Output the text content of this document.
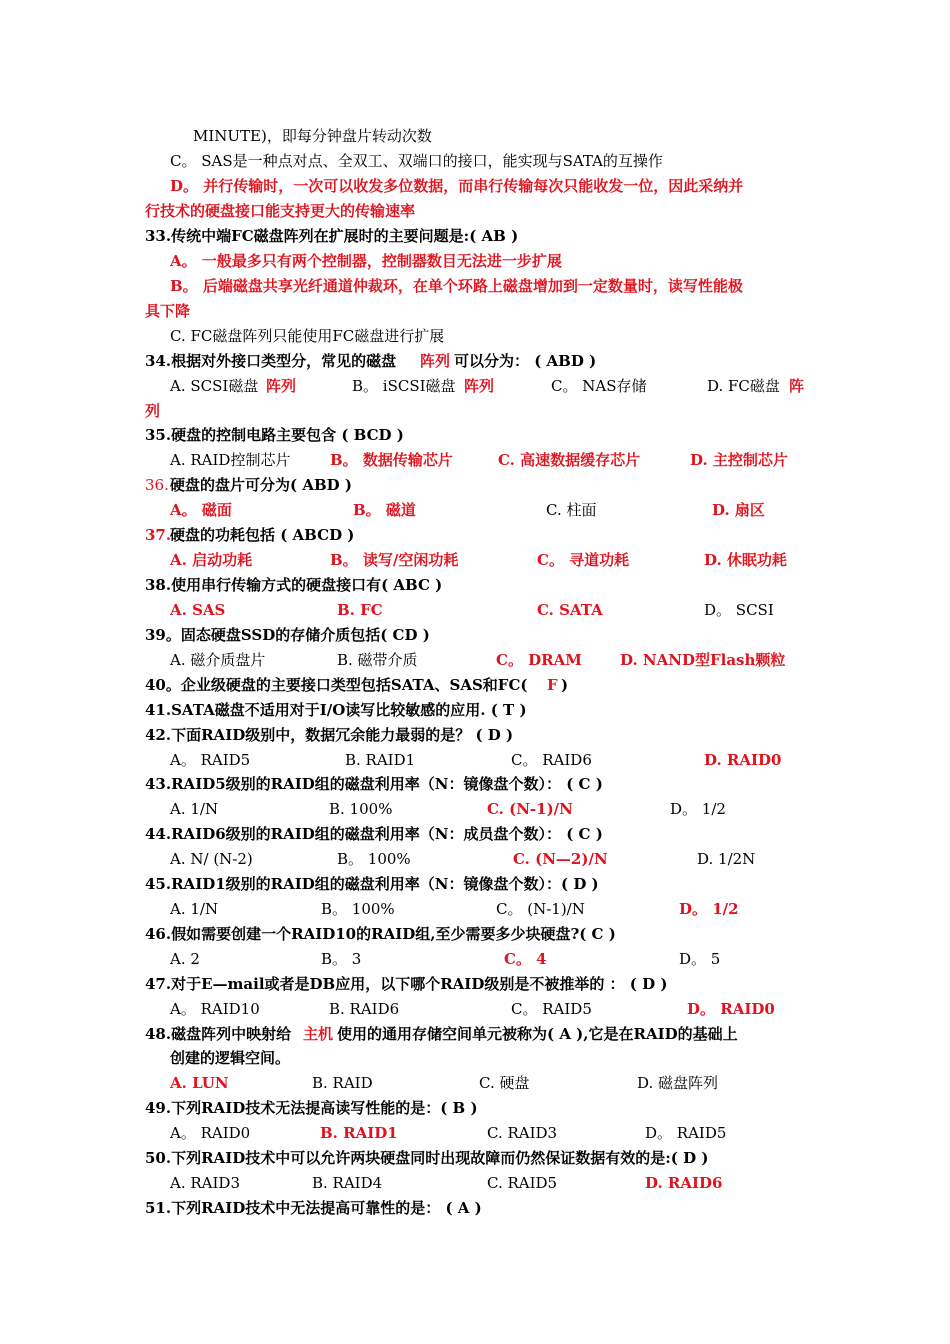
MINUTE)，即每分钟盘片转动次数
C。 SAS是一种点对点、全双工、双端口的接口，能实现与SATA的互操作
D。 并行传输时，一次可以收发多位数据，而串行传输每次只能收发一位，因此采纳并
行技术的硬盘接口能支持更大的传输速率
33.传统中端FC磁盘阵列在扩展时的主要问题是:( AB )
A。 一般最多只有两个控制器，控制器数目无法进一步扩展
B。 后端磁盘共享光纤通道仲裁环，在单个环路上磁盘增加到一定数量时，读写性能极
具下降
C. FC磁盘阵列只能使用FC磁盘进行扩展
34.根据对外接口类型分，常见的磁盘 阵列 可以分为： ( ABD )
A. SCSI磁盘 阵列	B。 iSCSI磁盘 阵列	C。 NAS存储	D. FC磁盘 阵
列
35.硬盘的控制电路主要包含 ( BCD )
A. RAID控制芯片	B。 数据传输芯片	C. 高速数据缓存芯片	D. 主控制芯片
36. 硬盘的盘片可分为( ABD )
A。 磁面	B。 磁道	C. 柱面	D. 扇区
37.
硬盘的功耗包括 ( ABCD )
A. 启动功耗	B。 读写/空闲功耗	C。 寻道功耗	D. 休眠功耗
38.使用串行传输方式的硬盘接口有( ABC )
A. SAS	B. FC	C. SATA	D。 SCSI
39。固态硬盘SSD的存储介质包括( CD )
A. 磁介质盘片	B. 磁带介质	C。 DRAM	D. NAND型Flash颗粒
40。企业级硬盘的主要接口类型包括SATA、SAS和FC( F )
41.SATA磁盘不适用对于I/O读写比较敏感的应用. ( T )
42.下面RAID级别中，数据冗余能力最弱的是？ ( D )
A。 RAID5	B. RAID1	C。 RAID6	D. RAID0
43.RAID5级别的RAID组的磁盘利用率（N：镜像盘个数）： ( C )
A. 1/N	B. 100%	C. (N-1)/N	D。 1/2
44.RAID6级别的RAID组的磁盘利用率（N：成员盘个数）： ( C )
A. N/ (N-2)	B。 100%	C. (N—2)/N	D. 1/2N
45.RAID1级别的RAID组的磁盘利用率（N：镜像盘个数）：( D )
A. 1/N	B。 100%	C。 (N-1)/N	D。 1/2
46.假如需要创建一个RAID10的RAID组,至少需要多少块硬盘?( C )
A. 2	B。 3	C。 4	D。 5
47.对于E—mail或者是DB应用，以下哪个RAID级别是不被推举的 ： ( D )
A。 RAID10	B. RAID6	C。 RAID5	D。 RAID0
48.磁盘阵列中映射给 主机 使用的通用存储空间单元被称为( A ),它是在RAID的基础上
创建的逻辑空间。
A. LUN	B. RAID	C. 硬盘	D. 磁盘阵列
49.下列RAID技术无法提高读写性能的是：( B )
A。 RAID0	B. RAID1	C. RAID3	D。 RAID5
50.下列RAID技术中可以允许两块硬盘同时出现故障而仍然保证数据有效的是:( D )
A. RAID3	B. RAID4	C. RAID5	D. RAID6
51.下列RAID技术中无法提高可靠性的是： ( A )
